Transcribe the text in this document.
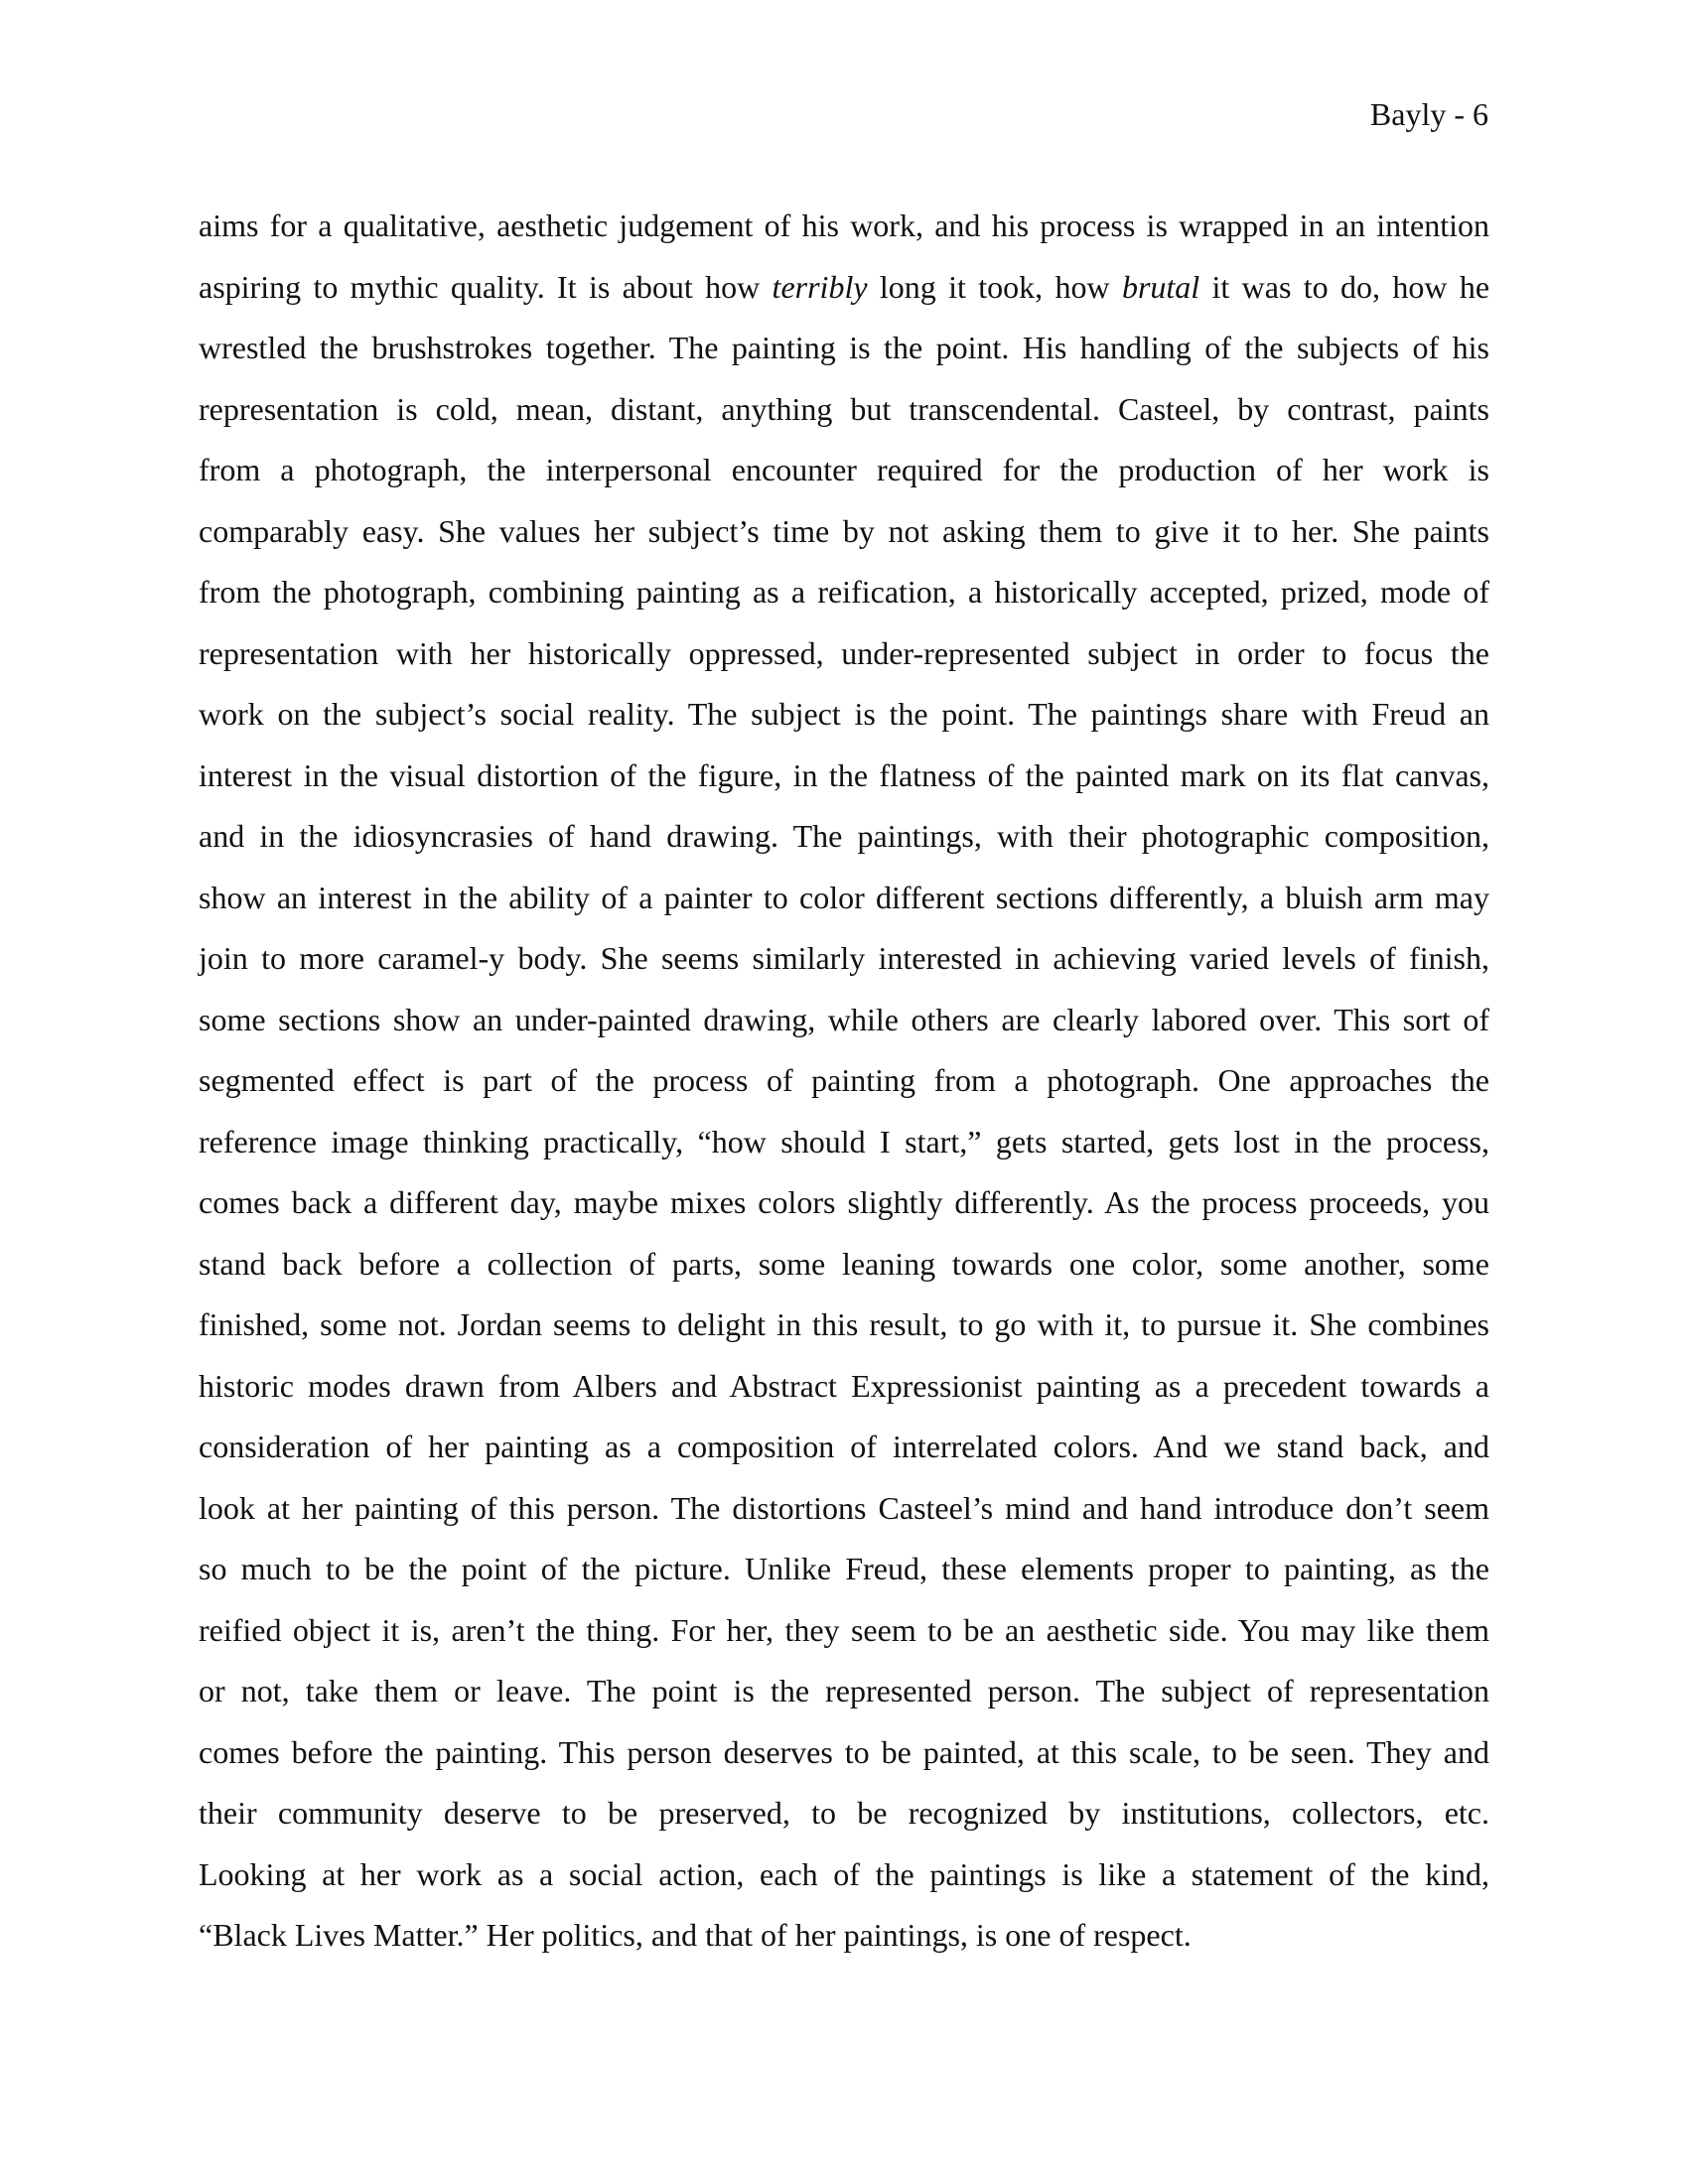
Bayly - 6
aims for a qualitative, aesthetic judgement of his work, and his process is wrapped in an intention
aspiring to mythic quality. It is about how terribly long it took, how brutal it was to do, how he
wrestled the brushstrokes together. The painting is the point. His handling of the subjects of his
representation is cold, mean, distant, anything but transcendental. Casteel, by contrast, paints
from a photograph, the interpersonal encounter required for the production of her work is
comparably easy. She values her subject’s time by not asking them to give it to her. She paints
from the photograph, combining painting as a reification, a historically accepted, prized, mode of
representation with her historically oppressed, under-represented subject in order to focus the
work on the subject’s social reality. The subject is the point. The paintings share with Freud an
interest in the visual distortion of the figure, in the flatness of the painted mark on its flat canvas,
and in the idiosyncrasies of hand drawing. The paintings, with their photographic composition,
show an interest in the ability of a painter to color different sections differently, a bluish arm may
join to more caramel-y body. She seems similarly interested in achieving varied levels of finish,
some sections show an under-painted drawing, while others are clearly labored over. This sort of
segmented effect is part of the process of painting from a photograph. One approaches the
reference image thinking practically, “how should I start,” gets started, gets lost in the process,
comes back a different day, maybe mixes colors slightly differently. As the process proceeds, you
stand back before a collection of parts, some leaning towards one color, some another, some
finished, some not. Jordan seems to delight in this result, to go with it, to pursue it. She combines
historic modes drawn from Albers and Abstract Expressionist painting as a precedent towards a
consideration of her painting as a composition of interrelated colors. And we stand back, and
look at her painting of this person. The distortions Casteel’s mind and hand introduce don’t seem
so much to be the point of the picture. Unlike Freud, these elements proper to painting, as the
reified object it is, aren’t the thing. For her, they seem to be an aesthetic side. You may like them
or not, take them or leave. The point is the represented person. The subject of representation
comes before the painting. This person deserves to be painted, at this scale, to be seen. They and
their community deserve to be preserved, to be recognized by institutions, collectors, etc.
Looking at her work as a social action, each of the paintings is like a statement of the kind,
“Black Lives Matter.” Her politics, and that of her paintings, is one of respect.
